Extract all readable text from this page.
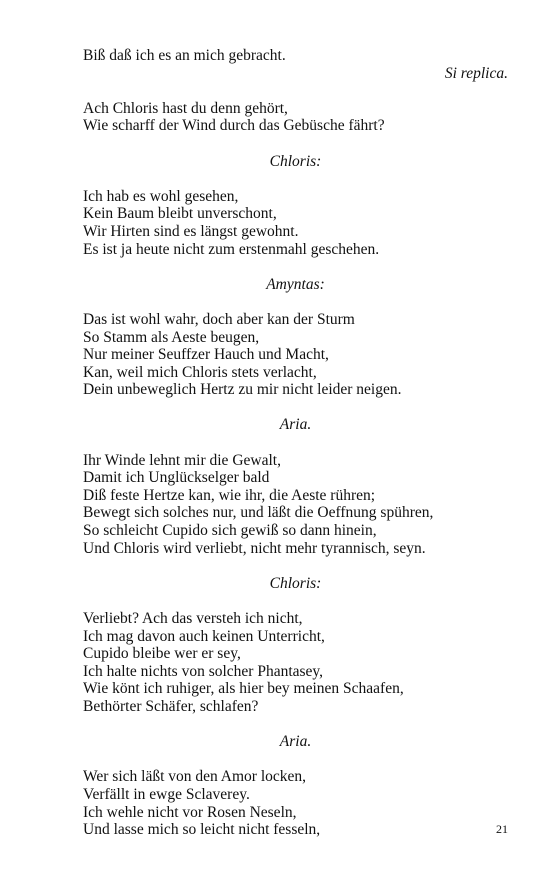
Biß daß ich es an mich gebracht.
Si replica.
Ach Chloris hast du denn gehört,
Wie scharff der Wind durch das Gebüsche fährt?
Chloris:
Ich hab es wohl gesehen,
Kein Baum bleibt unverschont,
Wir Hirten sind es längst gewohnt.
Es ist ja heute nicht zum erstenmahl geschehen.
Amyntas:
Das ist wohl wahr, doch aber kan der Sturm
So Stamm als Aeste beugen,
Nur meiner Seuffzer Hauch und Macht,
Kan, weil mich Chloris stets verlacht,
Dein unbeweglich Hertz zu mir nicht leider neigen.
Aria.
Ihr Winde lehnt mir die Gewalt,
Damit ich Unglückselger bald
Diß feste Hertze kan, wie ihr, die Aeste rühren;
Bewegt sich solches nur, und läßt die Oeffnung spühren,
So schleicht Cupido sich gewiß so dann hinein,
Und Chloris wird verliebt, nicht mehr tyrannisch, seyn.
Chloris:
Verliebt? Ach das versteh ich nicht,
Ich mag davon auch keinen Unterricht,
Cupido bleibe wer er sey,
Ich halte nichts von solcher Phantasey,
Wie könt ich ruhiger, als hier bey meinen Schaafen,
Bethörter Schäfer, schlafen?
Aria.
Wer sich läßt von den Amor locken,
Verfällt in ewge Sclaverey.
Ich wehle nicht vor Rosen Neseln,
Und lasse mich so leicht nicht fesseln,	21
